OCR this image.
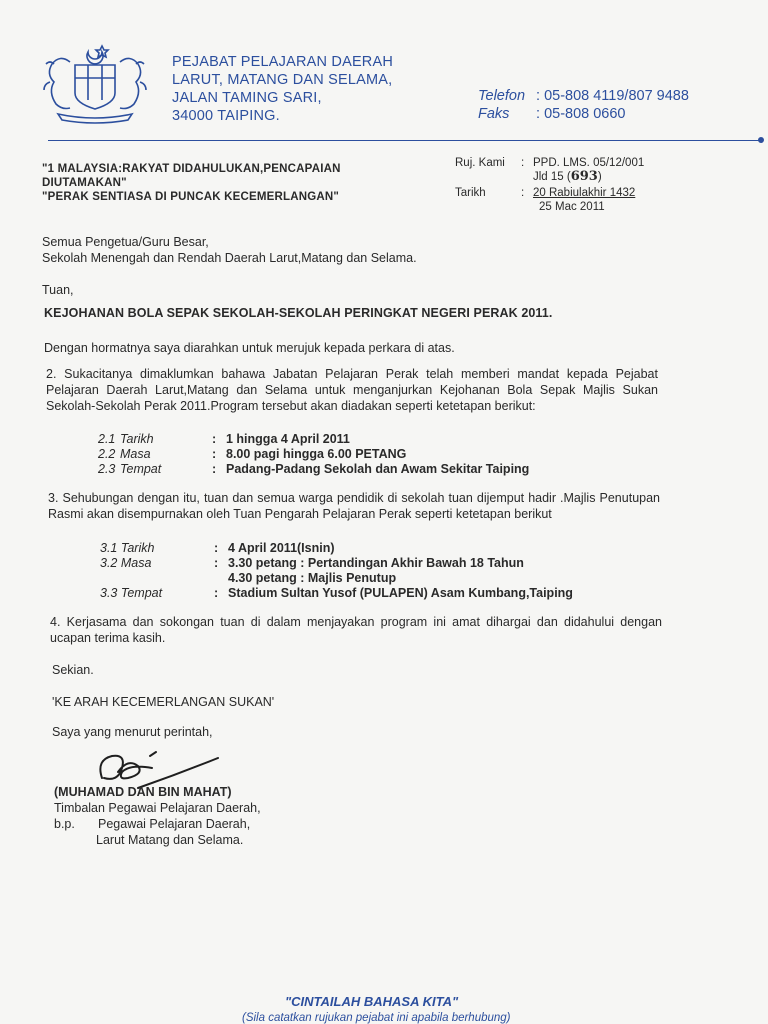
PEJABAT PELAJARAN DAERAH
LARUT, MATANG DAN SELAMA,
JALAN TAMING SARI,
34000 TAIPING.
Telefon : 05-808 4119/807 9488
Faks : 05-808 0660
"1 MALAYSIA:RAKYAT DIDAHULUKAN,PENCAPAIAN
DIUTAMAKAN"
"PERAK SENTIASA DI PUNCAK KECEMERLANGAN"
Ruj. Kami : PPD. LMS. 05/12/001
Jld 15 (693)
Tarikh	: 20 Rabiulakhir 1432
25 Mac 2011
Semua Pengetua/Guru Besar,
Sekolah Menengah dan Rendah Daerah Larut,Matang dan Selama.
Tuan,
KEJOHANAN BOLA SEPAK SEKOLAH-SEKOLAH PERINGKAT NEGERI PERAK 2011.
Dengan hormatnya saya diarahkan untuk merujuk kepada perkara di atas.
2. Sukacitanya dimaklumkan bahawa Jabatan Pelajaran Perak telah memberi mandat kepada Pejabat Pelajaran Daerah Larut,Matang dan Selama untuk menganjurkan Kejohanan Bola Sepak Majlis Sukan Sekolah-Sekolah Perak 2011.Program tersebut akan diadakan seperti ketetapan berikut:
2.1 Tarikh	: 1 hingga 4 April 2011
2.2 Masa	: 8.00 pagi hingga 6.00 PETANG
2.3 Tempat	: Padang-Padang Sekolah dan Awam Sekitar Taiping
3. Sehubungan dengan itu, tuan dan semua warga pendidik di sekolah tuan dijemput hadir .Majlis Penutupan Rasmi akan disempurnakan oleh Tuan Pengarah Pelajaran Perak seperti ketetapan berikut
3.1 Tarikh	: 4 April 2011(Isnin)
3.2 Masa	: 3.30 petang : Pertandingan Akhir Bawah 18 Tahun
4.30 petang : Majlis Penutup
3.3 Tempat	: Stadium Sultan Yusof (PULAPEN) Asam Kumbang,Taiping
4. Kerjasama dan sokongan tuan di dalam menjayakan program ini amat dihargai dan didahului dengan ucapan terima kasih.
Sekian.
'KE ARAH KECEMERLANGAN SUKAN'
Saya yang menurut perintah,
(MUHAMAD DAN BIN MAHAT)
Timbalan Pegawai Pelajaran Daerah,
b.p. Pegawai Pelajaran Daerah,
Larut Matang dan Selama.
"CINTAILAH BAHASA KITA"
(Sila catatkan rujukan pejabat ini apabila berhubung)
